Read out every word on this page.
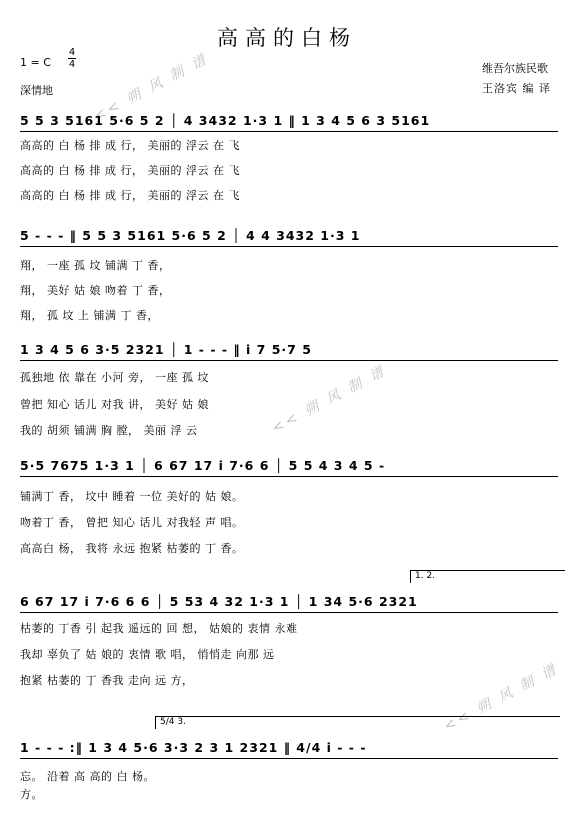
高高的白杨
1 = C
4
4
深情地
维吾尔族民歌
王洛宾 编 译
<< 朔 风 制 谱
<< 朔 风 制 谱
<< 朔 风 制 谱
5 5 3 5161 5·6 5 2 │ 4 3432 1·3 1 ‖ 1 3 4 5 6 3 5161
高高的 白 杨 排 成 行， 美丽的 浮云 在 飞
高高的 白 杨 排 成 行， 美丽的 浮云 在 飞
高高的 白 杨 排 成 行， 美丽的 浮云 在 飞
5 - - - ‖ 5 5 3 5161 5·6 5 2 │ 4 4 3432 1·3 1
翔， 一座 孤 坟 铺满 丁 香，
翔， 美好 姑 娘 吻着 丁 香，
翔， 孤 坟 上 铺满 丁 香，
1 3 4 5 6 3·5 2321 │ 1 - - - ‖ i 7 5·7 5
孤独地 依 靠在 小河 旁， 一座 孤 坟
曾把 知心 话儿 对我 讲， 美好 姑 娘
我的 胡须 铺满 胸 膛， 美丽 浮 云
5·5 7675 1·3 1 │ 6 67 17 i 7·6 6 │ 5 5 4 3 4 5 -
铺满丁 香， 坟中 睡着 一位 美好的 姑 娘。
吻着丁 香， 曾把 知心 话儿 对我轻 声 唱。
高高白 杨， 我将 永远 抱紧 枯萎的 丁 香。
1. 2.
6 67 17 i 7·6 6 6 │ 5 53 4 32 1·3 1 │ 1 34 5·6 2321
枯萎的 丁香 引 起我 遥远的 回 想， 姑娘的 衷情 永难
我却 辜负了 姑 娘的 衷情 歌 唱， 悄悄走 向那 远
抱紧 枯萎的 丁 香我 走向 远 方，
5/4 3.
1 - - - :‖ 1 3 4 5·6 3·3 2 3 1 2321 ‖ 4/4 i - - -
忘。 沿着 高 高的 白 杨。
方。
